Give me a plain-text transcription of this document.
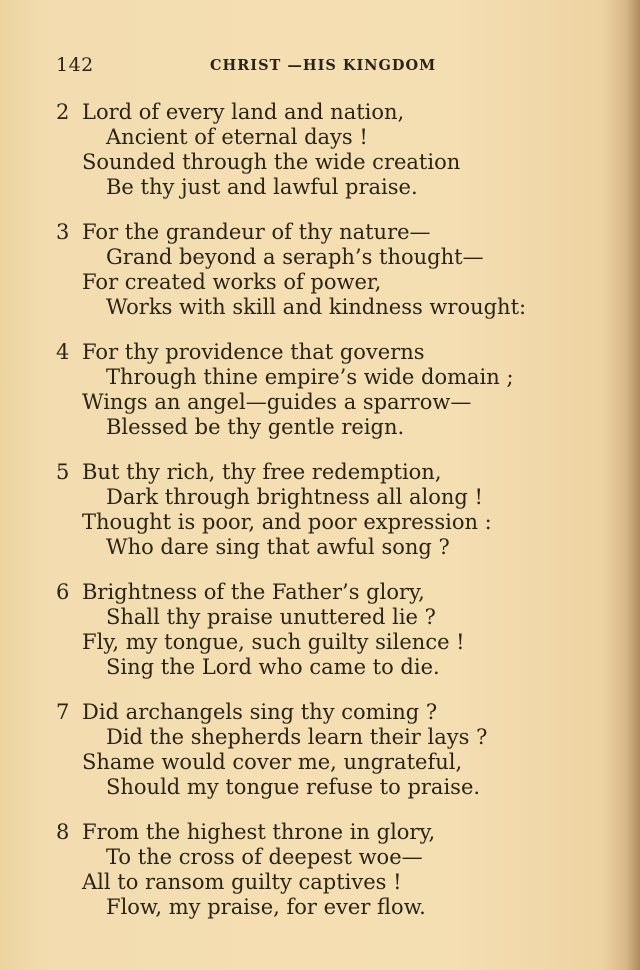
142	CHRIST —HIS KINGDOM
2 Lord of every land and nation,
Ancient of eternal days !
Sounded through the wide creation
Be thy just and lawful praise.
3 For the grandeur of thy nature—
Grand beyond a seraph’s thought—
For created works of power,
Works with skill and kindness wrought:
4 For thy providence that governs
Through thine empire’s wide domain ;
Wings an angel—guides a sparrow—
Blessed be thy gentle reign.
5 But thy rich, thy free redemption,
Dark through brightness all along !
Thought is poor, and poor expression :
Who dare sing that awful song ?
6 Brightness of the Father’s glory,
Shall thy praise unuttered lie ?
Fly, my tongue, such guilty silence !
Sing the Lord who came to die.
7 Did archangels sing thy coming ?
Did the shepherds learn their lays ?
Shame would cover me, ungrateful,
Should my tongue refuse to praise.
8 From the highest throne in glory,
To the cross of deepest woe—
All to ransom guilty captives !
Flow, my praise, for ever flow.
